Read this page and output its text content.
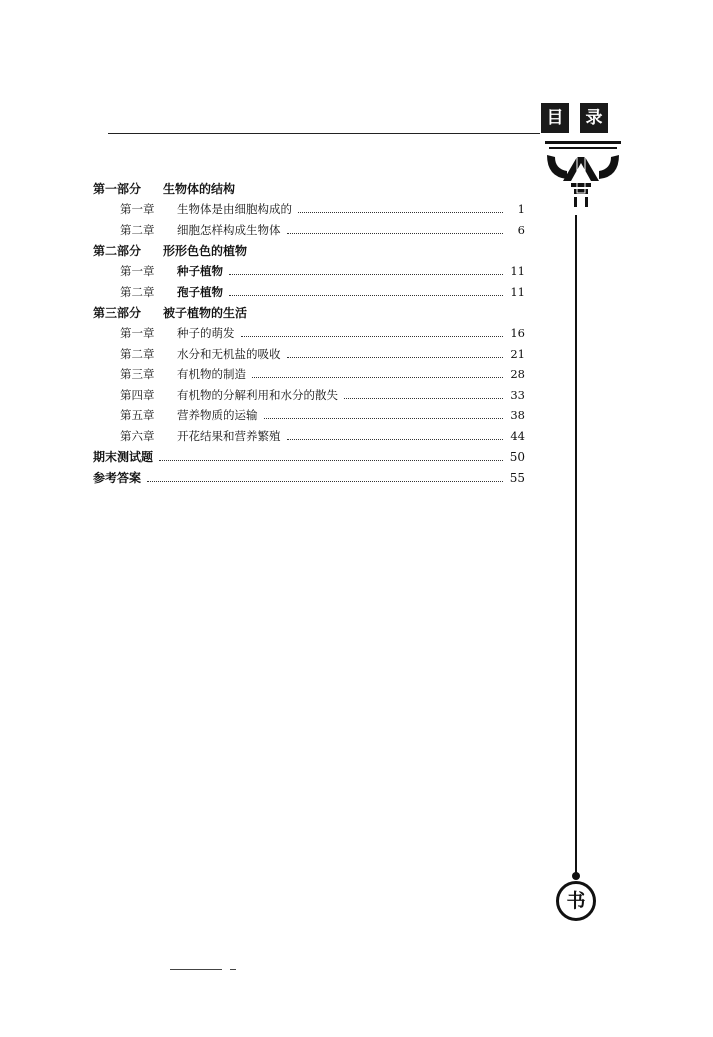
目	录
书
第一部分	生物体的结构
第一章	生物体是由细胞构成的	1
第二章	细胞怎样构成生物体	6
第二部分	形形色色的植物
第一章	种子植物	11
第二章	孢子植物	11
第三部分	被子植物的生活
第一章	种子的萌发	16
第二章	水分和无机盐的吸收	21
第三章	有机物的制造	28
第四章	有机物的分解利用和水分的散失	33
第五章	营养物质的运输	38
第六章	开花结果和营养繁殖	44
期末测试题	50
参考答案	55
